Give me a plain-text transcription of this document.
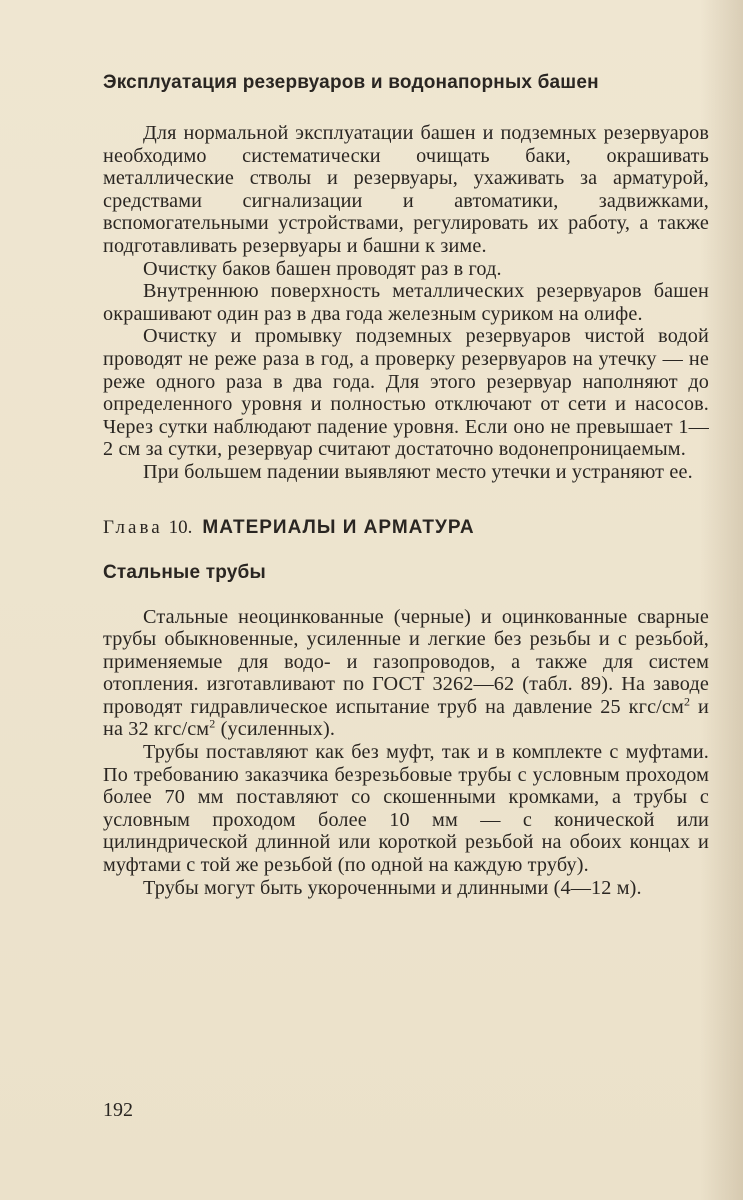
Эксплуатация резервуаров и водонапорных башен

Для нормальной эксплуатации башен и подземных резервуаров необходимо систематически очищать баки, окрашивать металлические стволы и резервуары, ухаживать за арматурой, средствами сигнализации и автоматики, задвижками, вспомогательными устройствами, регулировать их работу, а также подготавливать резервуары и башни к зиме.

Очистку баков башен проводят раз в год.

Внутреннюю поверхность металлических резервуаров башен окрашивают один раз в два года железным суриком на олифе.

Очистку и промывку подземных резервуаров чистой водой проводят не реже раза в год, а проверку резервуаров на утечку — не реже одного раза в два года. Для этого резервуар наполняют до определенного уровня и полностью отключают от сети и насосов. Через сутки наблюдают падение уровня. Если оно не превышает 1—2 см за сутки, резервуар считают достаточно водонепроницаемым.

При большем падении выявляют место утечки и устраняют ее.

Глава 10. МАТЕРИАЛЫ И АРМАТУРА
Стальные трубы

Стальные неоцинкованные (черные) и оцинкованные сварные трубы обыкновенные, усиленные и легкие без резьбы и с резьбой, применяемые для водо- и газопроводов, а также для систем отопления. изготавливают по ГОСТ 3262—62 (табл. 89). На заводе проводят гидравлическое испытание труб на давление 25 кгс/$см^2$ и на 32 кгс/$см^2$ (усиленных).

Трубы поставляют как без муфт, так и в комплекте с муфтами. По требованию заказчика безрезьбовые трубы с условным проходом более 70 мм поставляют со скошенными кромками, а трубы с условным проходом более 10 мм — с конической или цилиндрической длинной или короткой резьбой на обоих концах и муфтами с той же резьбой (по одной на каждую трубу).

Трубы могут быть укороченными и длинными (4—12 м).

192
